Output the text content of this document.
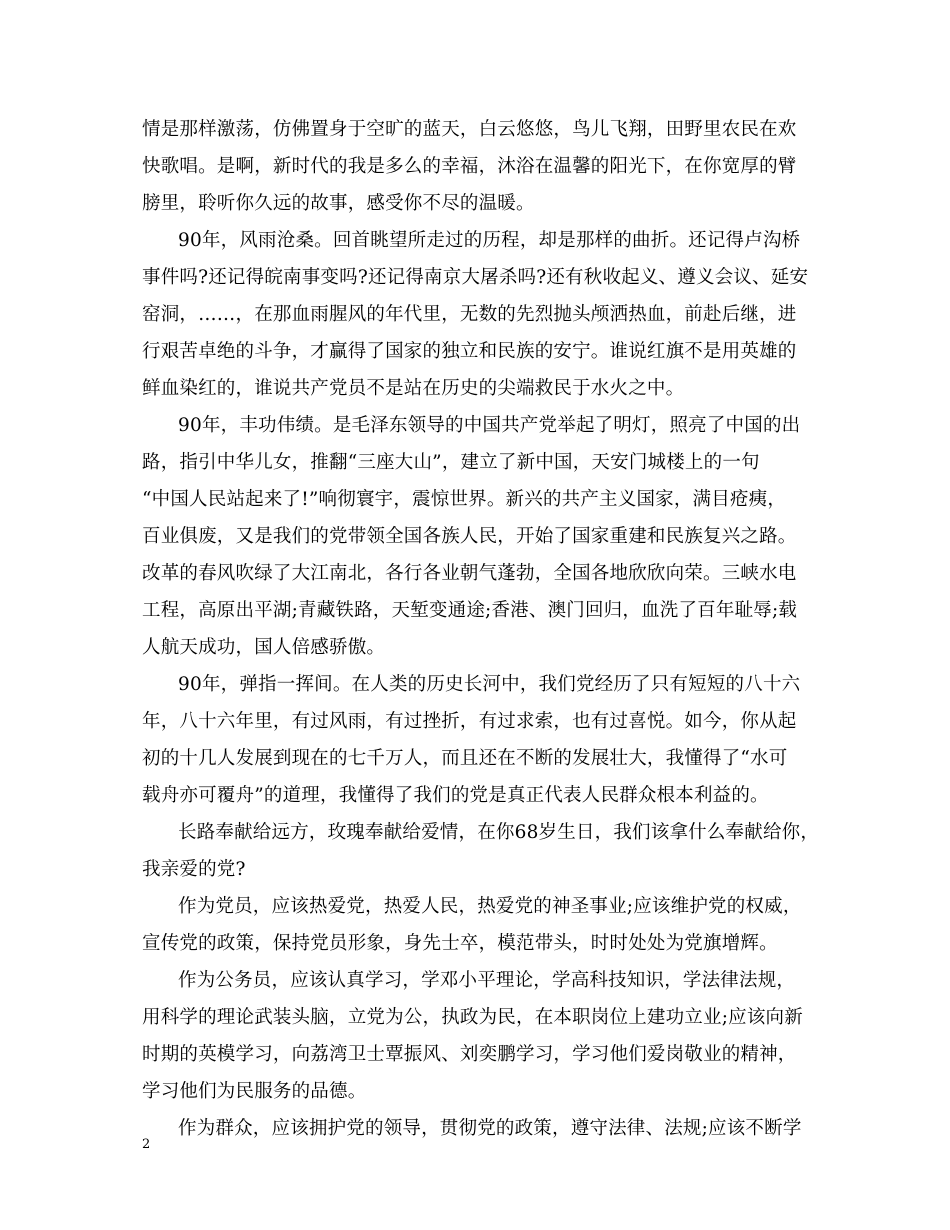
情是那样激荡，仿佛置身于空旷的蓝天，白云悠悠，鸟儿飞翔，田野里农民在欢
快歌唱。是啊，新时代的我是多么的幸福，沐浴在温馨的阳光下，在你宽厚的臂
膀里，聆听你久远的故事，感受你不尽的温暖。
90年，风雨沧桑。回首眺望所走过的历程，却是那样的曲折。还记得卢沟桥
事件吗?还记得皖南事变吗?还记得南京大屠杀吗?还有秋收起义、遵义会议、延安
窑洞，……，在那血雨腥风的年代里，无数的先烈抛头颅洒热血，前赴后继，进
行艰苦卓绝的斗争，才赢得了国家的独立和民族的安宁。谁说红旗不是用英雄的
鲜血染红的，谁说共产党员不是站在历史的尖端救民于水火之中。
90年，丰功伟绩。是毛泽东领导的中国共产党举起了明灯，照亮了中国的出
路，指引中华儿女，推翻“三座大山”，建立了新中国，天安门城楼上的一句
“中国人民站起来了!”响彻寰宇，震惊世界。新兴的共产主义国家，满目疮痍，
百业俱废，又是我们的党带领全国各族人民，开始了国家重建和民族复兴之路。
改革的春风吹绿了大江南北，各行各业朝气蓬勃，全国各地欣欣向荣。三峡水电
工程，高原出平湖;青藏铁路，天堑变通途;香港、澳门回归，血洗了百年耻辱;载
人航天成功，国人倍感骄傲。
90年，弹指一挥间。在人类的历史长河中，我们党经历了只有短短的八十六
年，八十六年里，有过风雨，有过挫折，有过求索，也有过喜悦。如今，你从起
初的十几人发展到现在的七千万人，而且还在不断的发展壮大，我懂得了“水可
载舟亦可覆舟”的道理，我懂得了我们的党是真正代表人民群众根本利益的。
长路奉献给远方，玫瑰奉献给爱情，在你68岁生日，我们该拿什么奉献给你，
我亲爱的党?
作为党员，应该热爱党，热爱人民，热爱党的神圣事业;应该维护党的权威，
宣传党的政策，保持党员形象，身先士卒，模范带头，时时处处为党旗增辉。
作为公务员，应该认真学习，学邓小平理论，学高科技知识，学法律法规，
用科学的理论武装头脑，立党为公，执政为民，在本职岗位上建功立业;应该向新
时期的英模学习，向荔湾卫士覃振风、刘奕鹏学习，学习他们爱岗敬业的精神，
学习他们为民服务的品德。
作为群众，应该拥护党的领导，贯彻党的政策，遵守法律、法规;应该不断学
2
